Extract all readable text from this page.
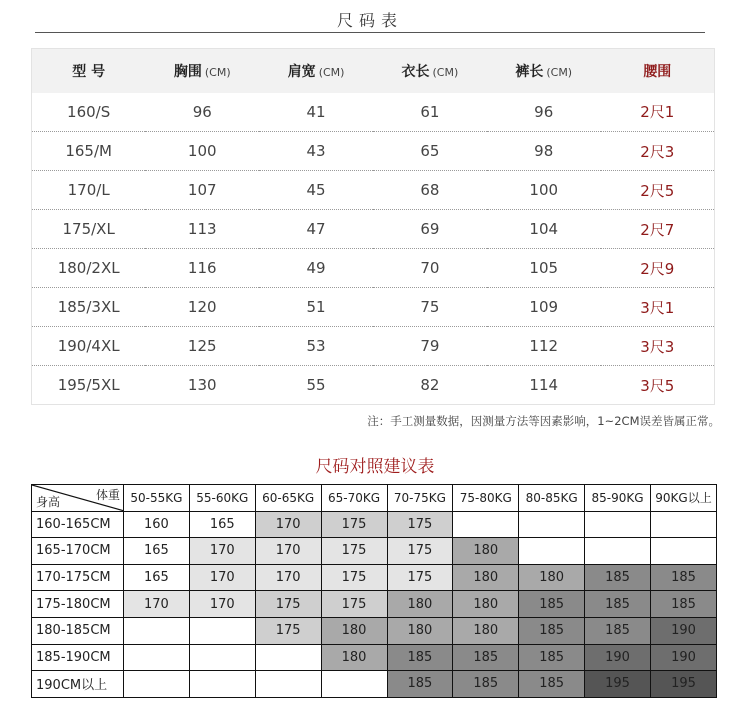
尺码表
型 号	胸围 (CM)	肩宽 (CM)	衣长 (CM)	裤长 (CM)	腰围
160/S	96	41	61	96	2尺1
165/M	100	43	65	98	2尺3
170/L	107	45	68	100	2尺5
175/XL	113	47	69	104	2尺7
180/2XL	116	49	70	105	2尺9
185/3XL	120	51	75	109	3尺1
190/4XL	125	53	79	112	3尺3
195/5XL	130	55	82	114	3尺5
注：手工测量数据，因测量方法等因素影响，1~2CM误差皆属正常。
尺码对照建议表
体重
身高	50-55KG	55-60KG	60-65KG	65-70KG	70-75KG	75-80KG	80-85KG	85-90KG	90KG以上
160-165CM	160	165	170	175	175				
165-170CM	165	170	170	175	175	180			
170-175CM	165	170	170	175	175	180	180	185	185
175-180CM	170	170	175	175	180	180	185	185	185
180-185CM			175	180	180	180	185	185	190
185-190CM				180	185	185	185	190	190
190CM以上					185	185	185	195	195
